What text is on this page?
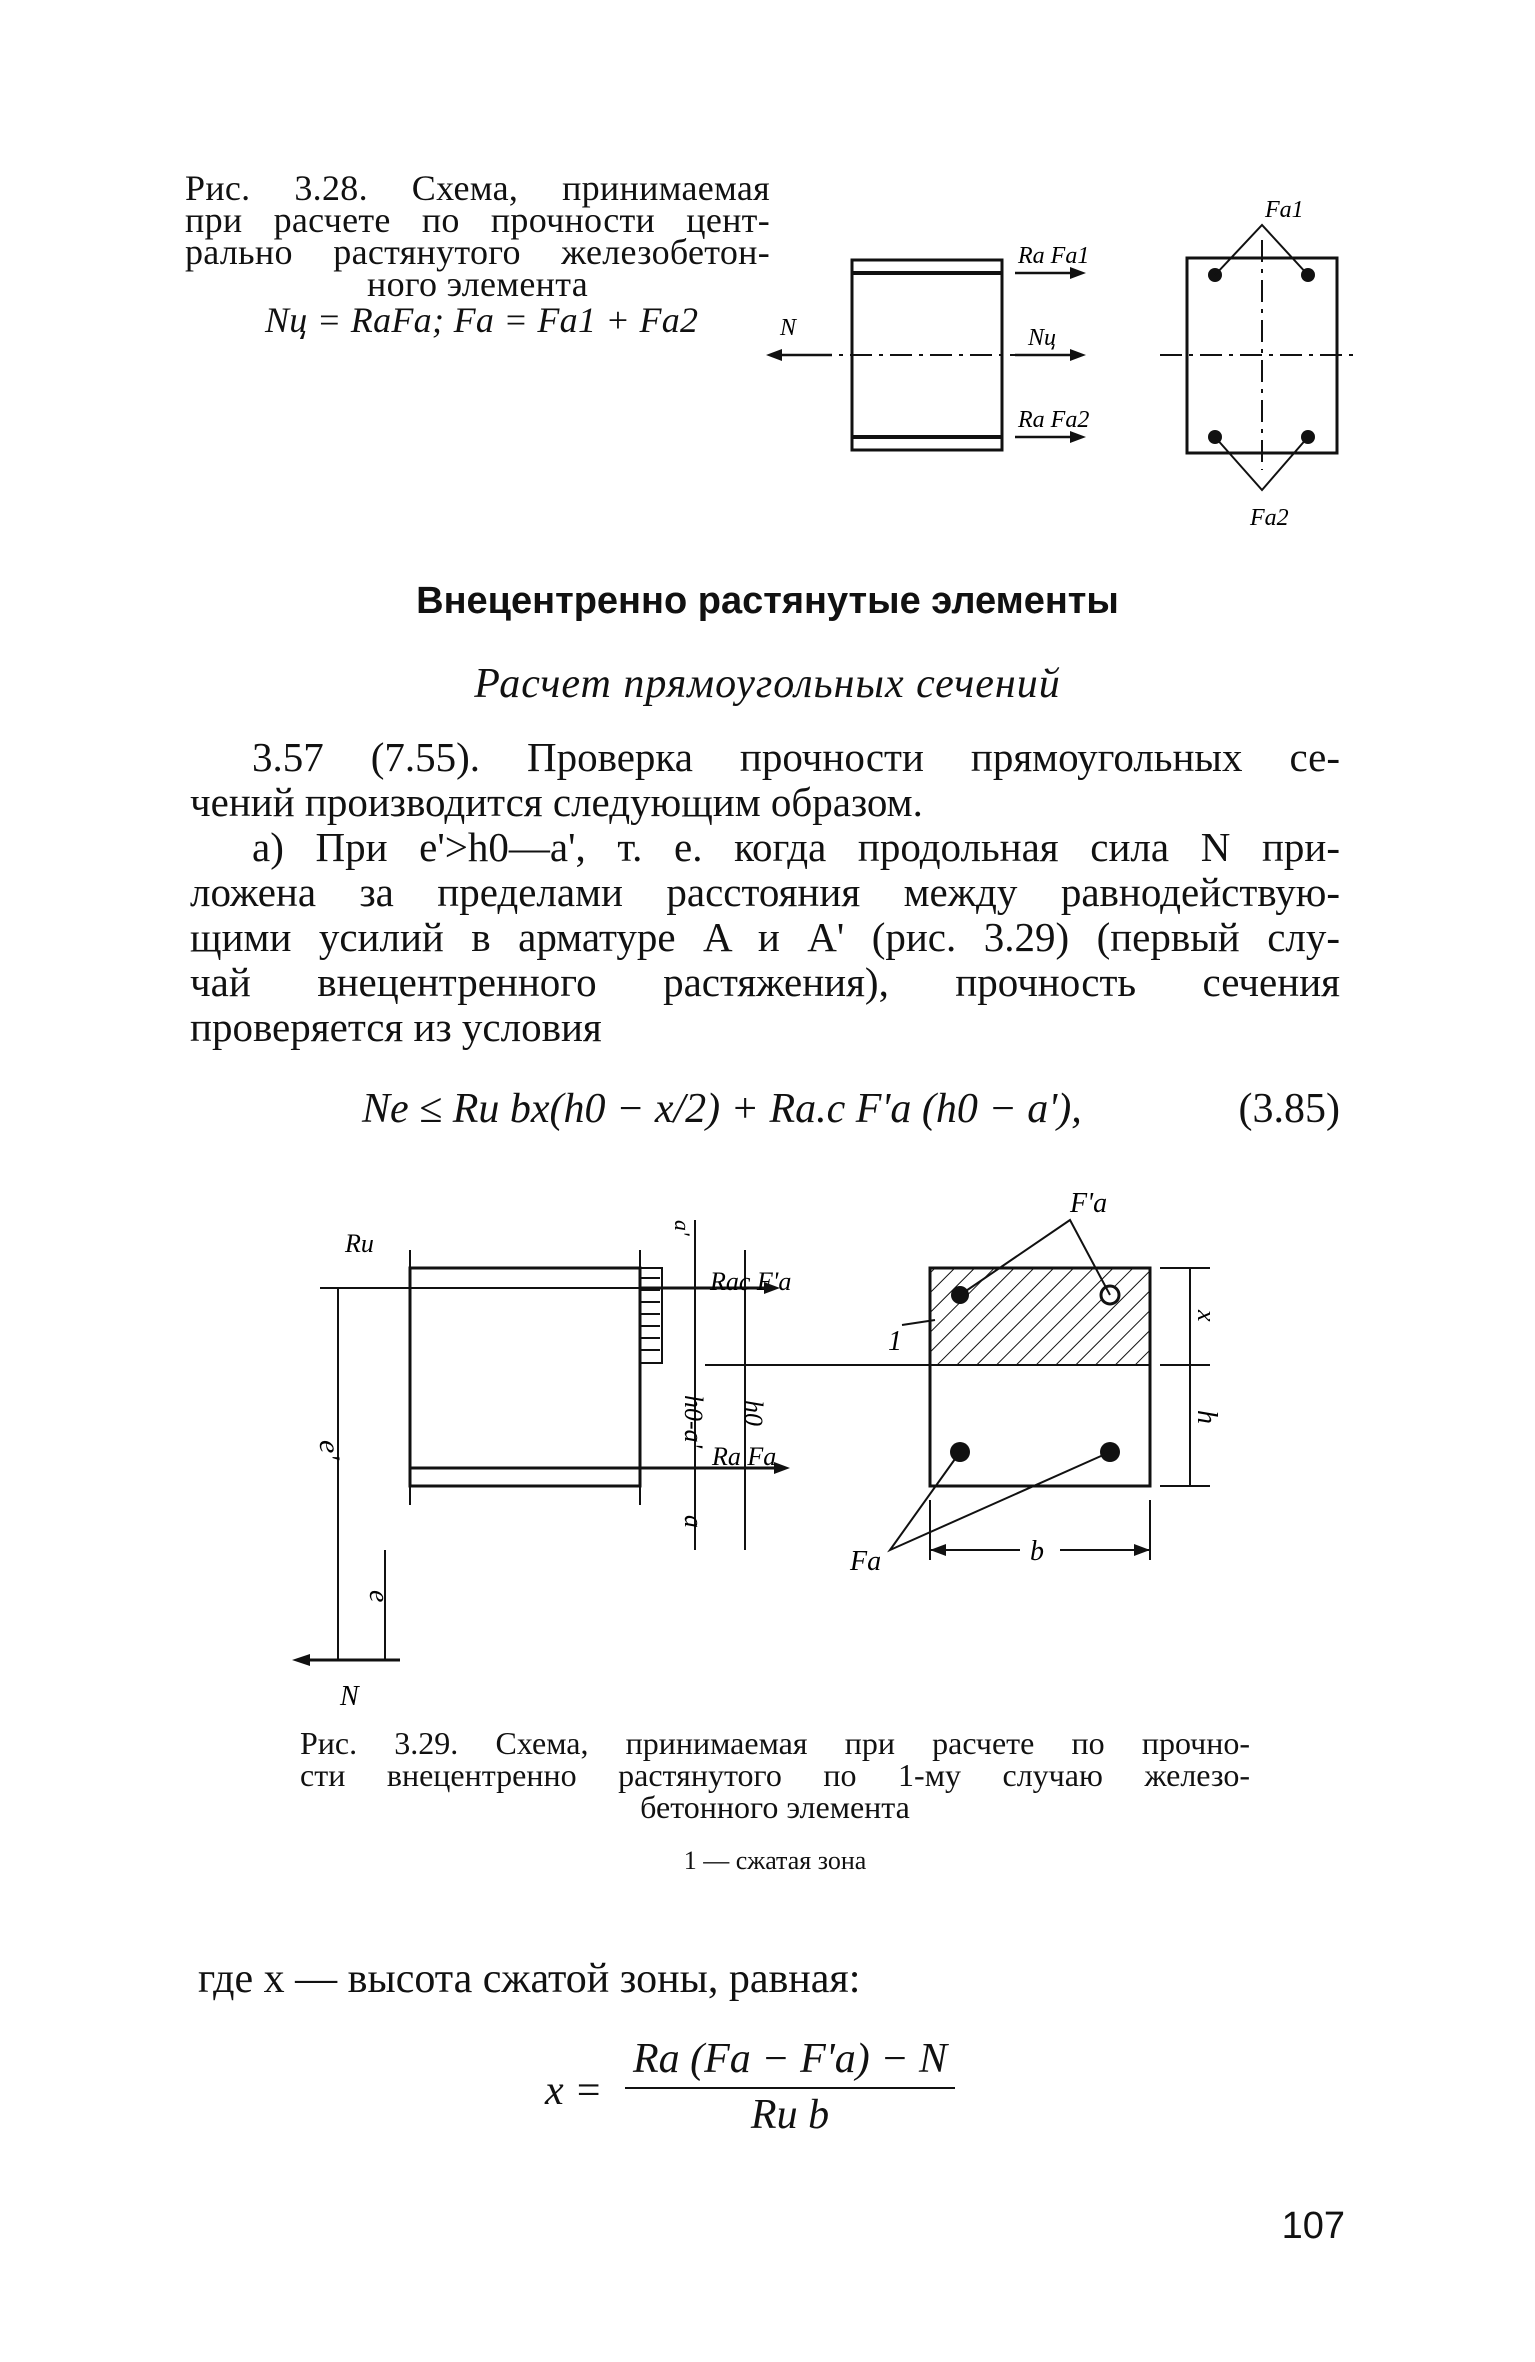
Рис. 3.28. Схема, принимаемая
при расчете по прочности цент-
рально растянутого железобетон-
ного элемента
Nц = RaFa; Fa = Fa1 + Fa2	N
Ra Fa1
Nц
Ra Fa2
Fa1
Fa2
Внецентренно растянутые элементы
Расчет прямоугольных сечений

3.57 (7.55). Проверка прочности прямоугольных се-

чений производится следующим образом.

а) При e'>h0—a', т. е. когда продольная сила N при-

ложена за пределами расстояния между равнодействую-

щими усилий в арматуре A и A' (рис. 3.29) (первый слу-

чай внецентренного растяжения), прочность сечения

проверяется из условия

Ne ≤ Rи bx(h0 − x/2) + Ra.c F'a (h0 − a'),	(3.85)
Rи
a'
Rac F'a
h0-a' h0
Ra Fa
a
e'
e
N
F'a
x
h
b
1
Fa
Рис. 3.29. Схема, принимаемая при расчете по прочно-
сти внецентренно растянутого по 1-му случаю железо-
бетонного элемента
1 — сжатая зона
где x — высота сжатой зоны, равная:
x =
Ra (Fa − F'a) − N
Rи b
107
